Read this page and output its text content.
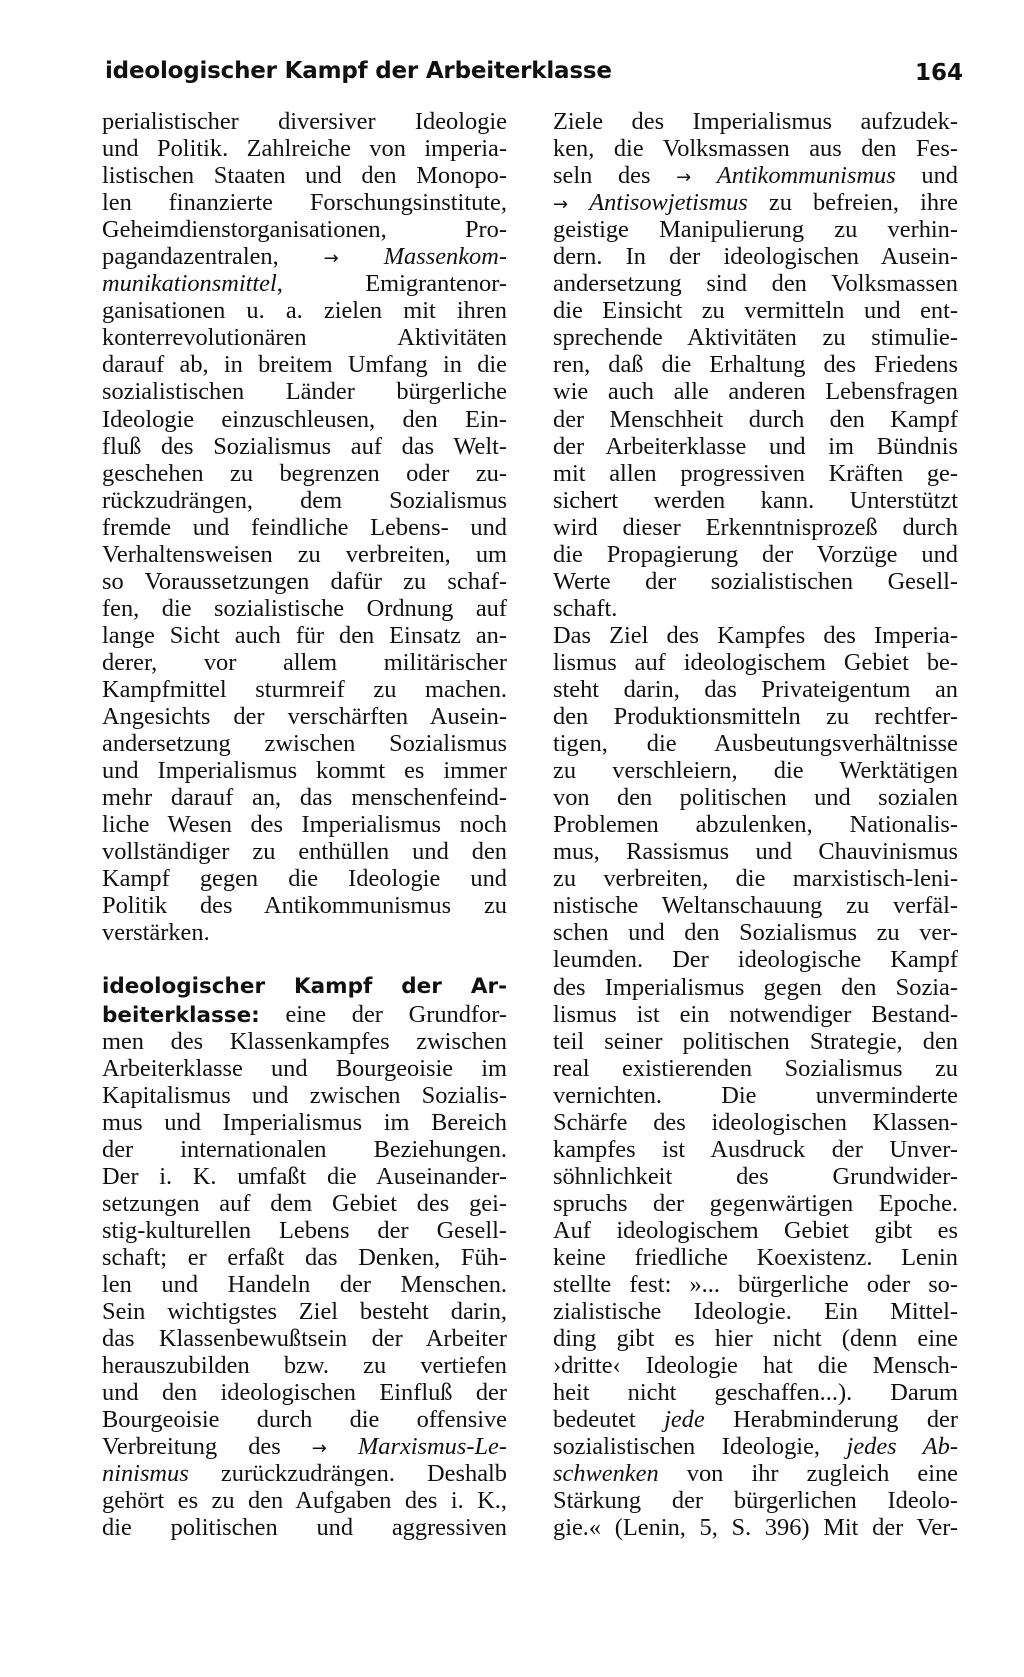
ideologischer Kampf der Arbeiterklasse	164
perialistischer diversiver Ideologie
und Politik. Zahlreiche von imperia-
listischen Staaten und den Monopo-
len finanzierte Forschungsinstitute,
Geheimdienstorganisationen, Pro-
pagandazentralen, → Massenkom-
munikationsmittel,	Emigrantenor-
ganisationen u. a. zielen mit ihren
konterrevolutionären Aktivitäten
darauf ab, in breitem Umfang in die
sozialistischen Länder bürgerliche
Ideologie einzuschleusen, den Ein-
fluß des Sozialismus auf das Welt-
geschehen zu begrenzen oder zu-
rückzudrängen, dem Sozialismus
fremde und feindliche Lebens- und
Verhaltensweisen zu verbreiten, um
so Voraussetzungen dafür zu schaf-
fen, die sozialistische Ordnung auf
lange Sicht auch für den Einsatz an-
derer, vor allem militärischer
Kampfmittel sturmreif zu machen.
Angesichts der verschärften Ausein-
andersetzung zwischen Sozialismus
und Imperialismus kommt es immer
mehr darauf an, das menschenfeind-
liche Wesen des Imperialismus noch
vollständiger zu enthüllen und den
Kampf gegen die Ideologie und
Politik des Antikommunismus zu
verstärken.
ideologischer Kampf der Ar-
beiterklasse: eine der Grundfor-
men des Klassenkampfes zwischen
Arbeiterklasse und Bourgeoisie im
Kapitalismus und zwischen Sozialis-
mus und Imperialismus im Bereich
der internationalen Beziehungen.
Der i. K. umfaßt die Auseinander-
setzungen auf dem Gebiet des gei-
stig-kulturellen Lebens der Gesell-
schaft; er erfaßt das Denken, Füh-
len und Handeln der Menschen.
Sein wichtigstes Ziel besteht darin,
das Klassenbewußtsein der Arbeiter
herauszubilden bzw. zu vertiefen
und den ideologischen Einfluß der
Bourgeoisie durch die offensive
Verbreitung des → Marxismus-Le-
ninismus zurückzudrängen. Deshalb
gehört es zu den Aufgaben des i. K.,
die politischen und aggressiven
Ziele des Imperialismus aufzudek-
ken, die Volksmassen aus den Fes-
seln des → Antikommunismus und
→ Antisowjetismus zu befreien, ihre
geistige Manipulierung zu verhin-
dern. In der ideologischen Ausein-
andersetzung sind den Volksmassen
die Einsicht zu vermitteln und ent-
sprechende Aktivitäten zu stimulie-
ren, daß die Erhaltung des Friedens
wie auch alle anderen Lebensfragen
der Menschheit durch den Kampf
der Arbeiterklasse und im Bündnis
mit allen progressiven Kräften ge-
sichert werden kann. Unterstützt
wird dieser Erkenntnisprozeß durch
die Propagierung der Vorzüge und
Werte der sozialistischen Gesell-
schaft.
Das Ziel des Kampfes des Imperia-
lismus auf ideologischem Gebiet be-
steht darin, das Privateigentum an
den Produktionsmitteln zu rechtfer-
tigen, die Ausbeutungsverhältnisse
zu verschleiern, die Werktätigen
von den politischen und sozialen
Problemen abzulenken, Nationalis-
mus, Rassismus und Chauvinismus
zu verbreiten, die marxistisch-leni-
nistische Weltanschauung zu verfäl-
schen und den Sozialismus zu ver-
leumden. Der ideologische Kampf
des Imperialismus gegen den Sozia-
lismus ist ein notwendiger Bestand-
teil seiner politischen Strategie, den
real existierenden Sozialismus zu
vernichten. Die unverminderte
Schärfe des ideologischen Klassen-
kampfes ist Ausdruck der Unver-
söhnlichkeit des Grundwider-
spruchs der gegenwärtigen Epoche.
Auf ideologischem Gebiet gibt es
keine friedliche Koexistenz. Lenin
stellte fest: »... bürgerliche oder so-
zialistische Ideologie. Ein Mittel-
ding gibt es hier nicht (denn eine
›dritte‹ Ideologie hat die Mensch-
heit nicht geschaffen...). Darum
bedeutet jede Herabminderung der
sozialistischen Ideologie, jedes Ab-
schwenken von ihr zugleich eine
Stärkung der bürgerlichen Ideolo-
gie.« (Lenin, 5, S. 396) Mit der Ver-
